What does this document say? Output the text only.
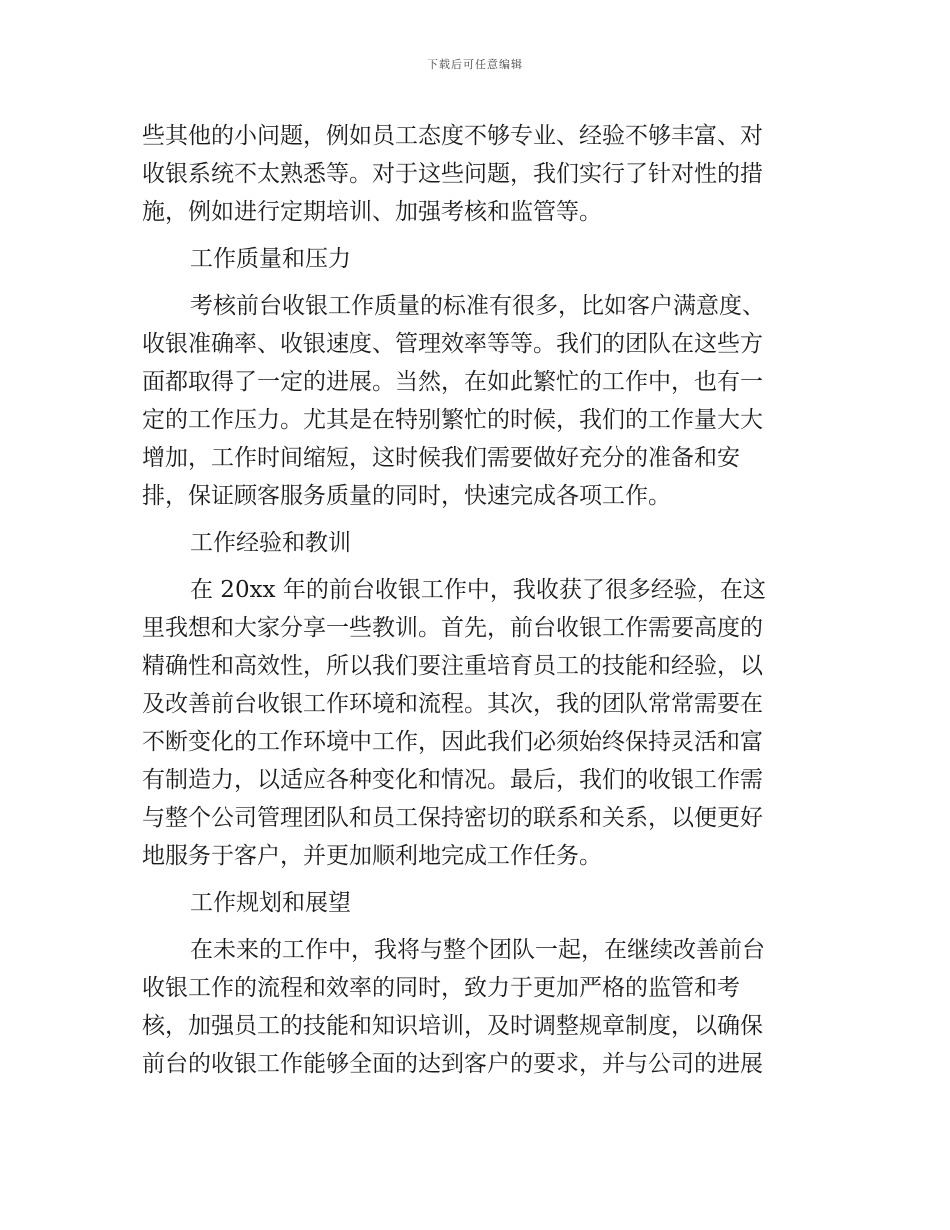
下载后可任意编辑
些其他的小问题，例如员工态度不够专业、经验不够丰富、对
收银系统不太熟悉等。对于这些问题，我们实行了针对性的措
施，例如进行定期培训、加强考核和监管等。
工作质量和压力
考核前台收银工作质量的标准有很多，比如客户满意度、
收银准确率、收银速度、管理效率等等。我们的团队在这些方
面都取得了一定的进展。当然，在如此繁忙的工作中，也有一
定的工作压力。尤其是在特别繁忙的时候，我们的工作量大大
增加，工作时间缩短，这时候我们需要做好充分的准备和安
排，保证顾客服务质量的同时，快速完成各项工作。
工作经验和教训
在 20xx 年的前台收银工作中，我收获了很多经验，在这
里我想和大家分享一些教训。首先，前台收银工作需要高度的
精确性和高效性，所以我们要注重培育员工的技能和经验，以
及改善前台收银工作环境和流程。其次，我的团队常常需要在
不断变化的工作环境中工作，因此我们必须始终保持灵活和富
有制造力，以适应各种变化和情况。最后，我们的收银工作需
与整个公司管理团队和员工保持密切的联系和关系，以便更好
地服务于客户，并更加顺利地完成工作任务。
工作规划和展望
在未来的工作中，我将与整个团队一起，在继续改善前台
收银工作的流程和效率的同时，致力于更加严格的监管和考
核，加强员工的技能和知识培训，及时调整规章制度，以确保
前台的收银工作能够全面的达到客户的要求，并与公司的进展
